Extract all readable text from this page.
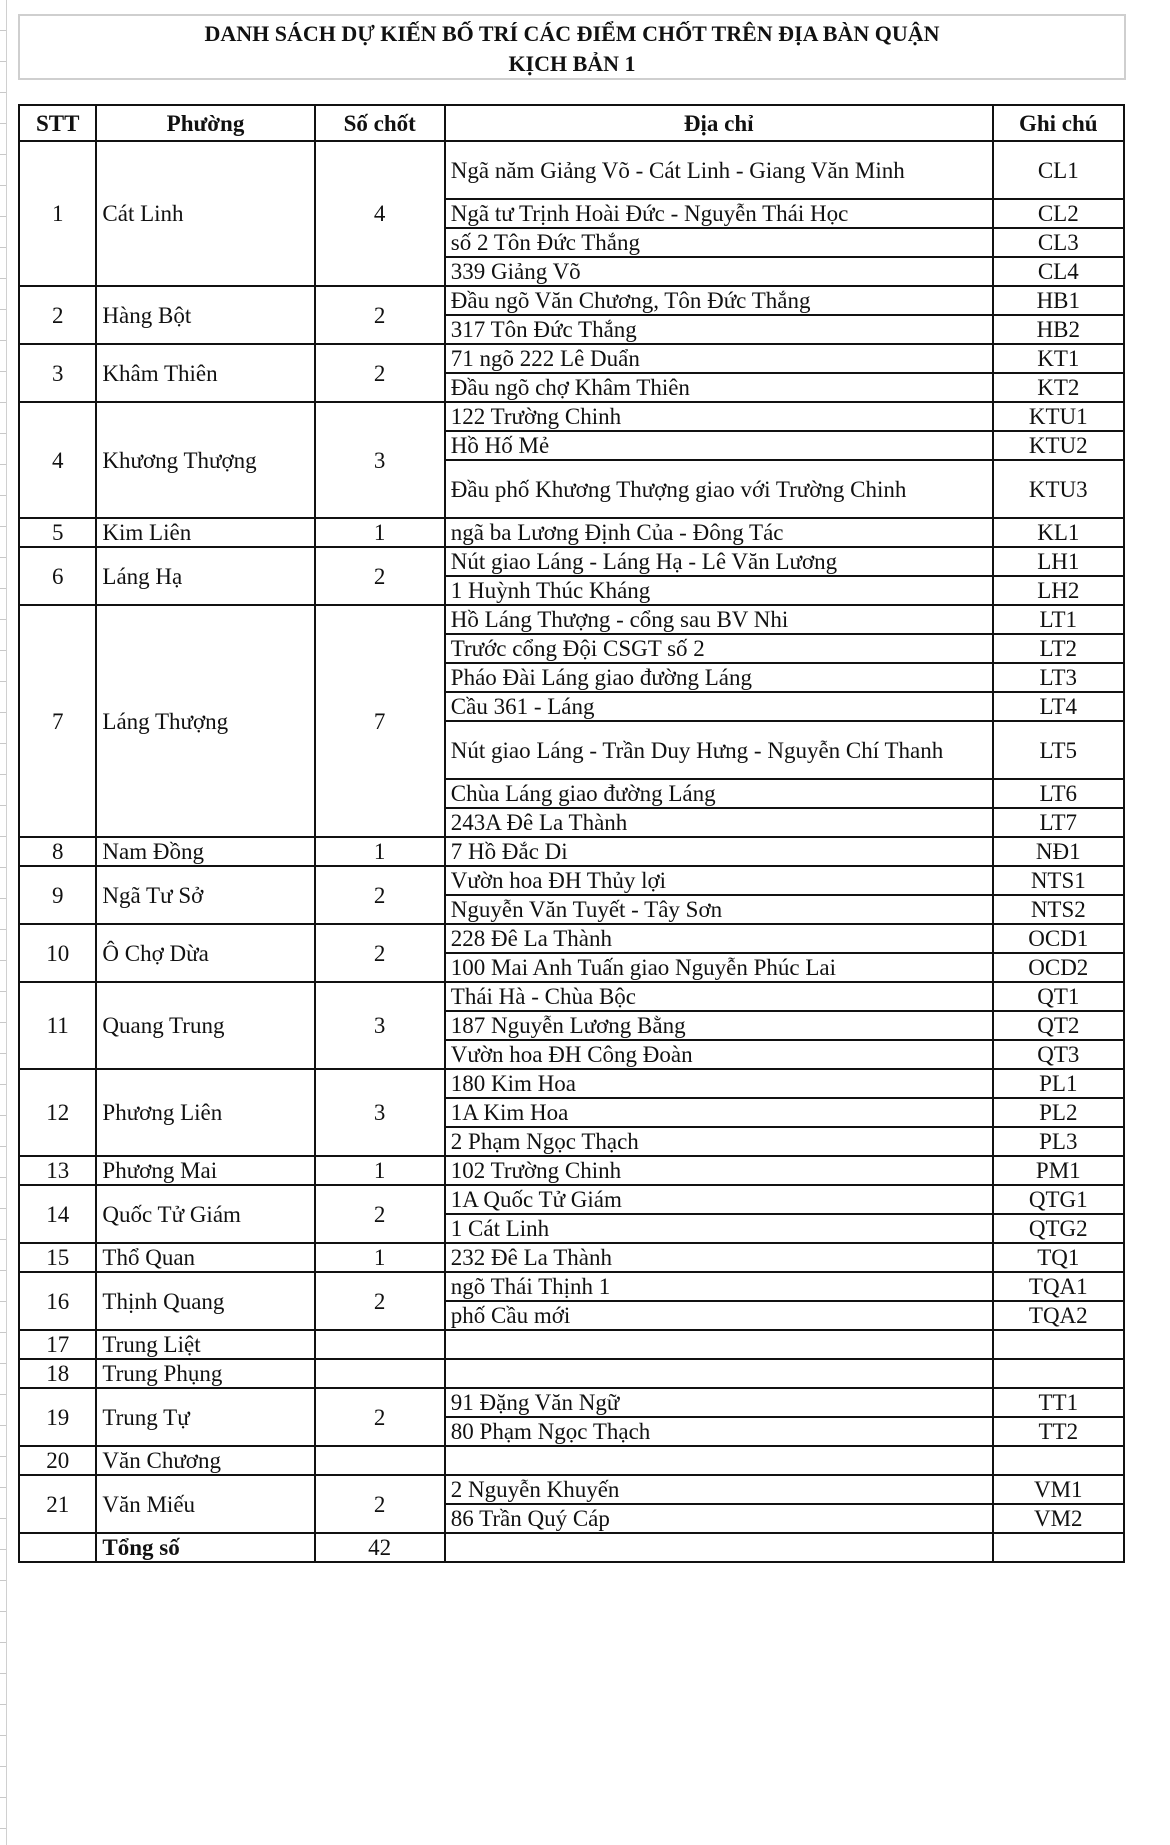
DANH SÁCH DỰ KIẾN BỐ TRÍ CÁC ĐIỂM CHỐT TRÊN ĐỊA BÀN QUẬN
KỊCH BẢN 1
STT	Phường	Số chốt	Địa chỉ	Ghi chú
1	Cát Linh	4	Ngã năm Giảng Võ - Cát Linh - Giang Văn Minh	CL1
			Ngã tư Trịnh Hoài Đức - Nguyễn Thái Học	CL2
			số 2 Tôn Đức Thắng	CL3
			339 Giảng Võ	CL4
2	Hàng Bột	2	Đầu ngõ Văn Chương, Tôn Đức Thắng	HB1
			317 Tôn Đức Thắng	HB2
3	Khâm Thiên	2	71 ngõ 222 Lê Duẩn	KT1
			Đầu ngõ chợ Khâm Thiên	KT2
4	Khương Thượng	3	122 Trường Chinh	KTU1
			Hồ Hố Mẻ	KTU2
			Đầu phố Khương Thượng giao với Trường Chinh	KTU3
5	Kim Liên	1	ngã ba Lương Định Của - Đông Tác	KL1
6	Láng Hạ	2	Nút giao Láng - Láng Hạ - Lê Văn Lương	LH1
			1 Huỳnh Thúc Kháng	LH2
7	Láng Thượng	7	Hồ Láng Thượng - cổng sau BV Nhi	LT1
			Trước cổng Đội CSGT số 2	LT2
			Pháo Đài Láng giao đường Láng	LT3
			Cầu 361 - Láng	LT4
			Nút giao Láng - Trần Duy Hưng - Nguyễn Chí Thanh	LT5
			Chùa Láng giao đường Láng	LT6
			243A Đê La Thành	LT7
8	Nam Đồng	1	7 Hồ Đắc Di	NĐ1
9	Ngã Tư Sở	2	Vườn hoa ĐH Thủy lợi	NTS1
			Nguyễn Văn Tuyết - Tây Sơn	NTS2
10	Ô Chợ Dừa	2	228 Đê La Thành	OCD1
			100 Mai Anh Tuấn giao Nguyễn Phúc Lai	OCD2
11	Quang Trung	3	Thái Hà - Chùa Bộc	QT1
			187 Nguyễn Lương Bằng	QT2
			Vườn hoa ĐH Công Đoàn	QT3
12	Phương Liên	3	180 Kim Hoa	PL1
			1A Kim Hoa	PL2
			2 Phạm Ngọc Thạch	PL3
13	Phương Mai	1	102 Trường Chinh	PM1
14	Quốc Tử Giám	2	1A Quốc Tử Giám	QTG1
			1 Cát Linh	QTG2
15	Thổ Quan	1	232 Đê La Thành	TQ1
16	Thịnh Quang	2	ngõ Thái Thịnh 1	TQA1
			phố Cầu mới	TQA2
17	Trung Liệt			
18	Trung Phụng			
19	Trung Tự	2	91 Đặng Văn Ngữ	TT1
			80 Phạm Ngọc Thạch	TT2
20	Văn Chương			
21	Văn Miếu	2	2 Nguyễn Khuyến	VM1
			86 Trần Quý Cáp	VM2
	Tổng số	42		
